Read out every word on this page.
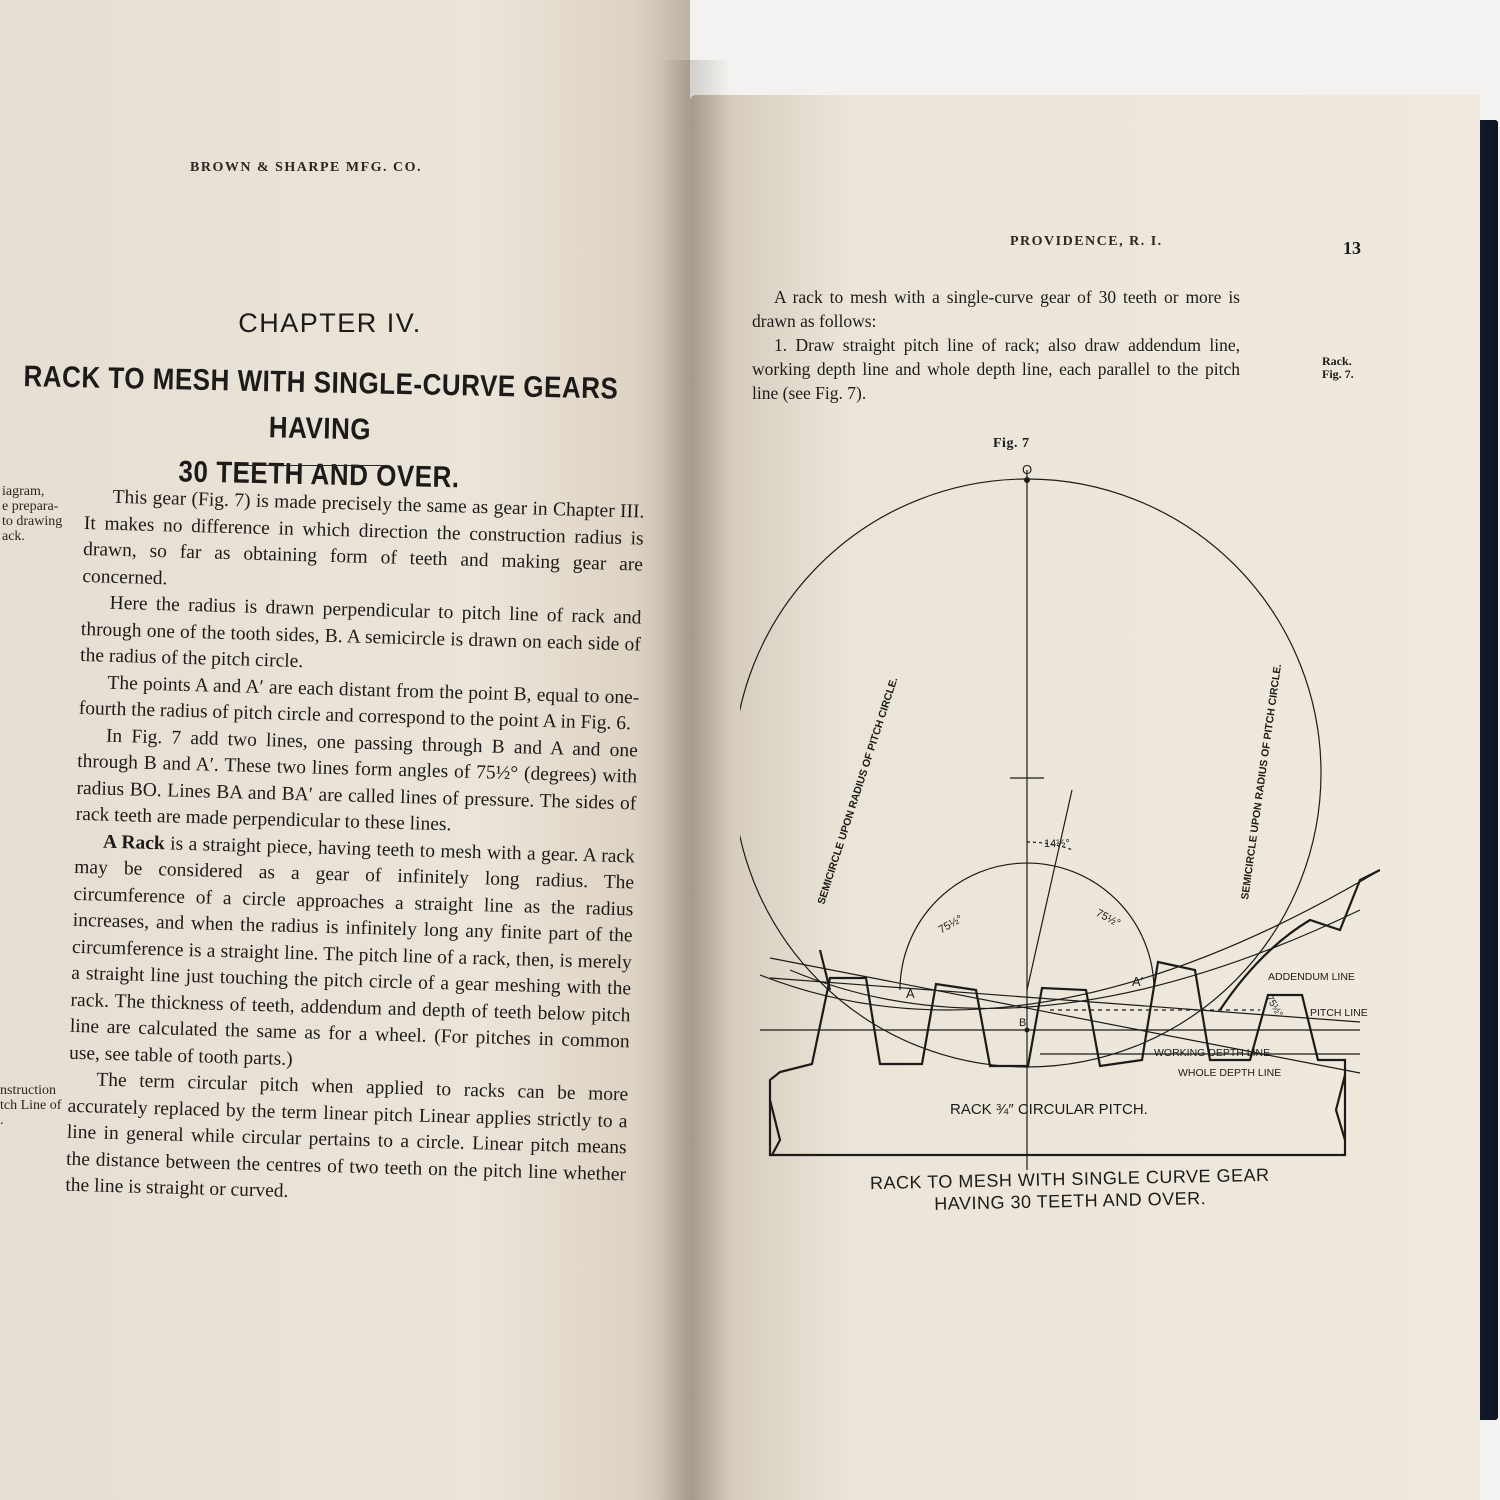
BROWN & SHARPE MFG. CO.
CHAPTER IV.
RACK TO MESH WITH SINGLE-CURVE GEARS HAVING
30 TEETH AND OVER.
iagram,
e prepara-
to drawing
ack.
nstruction
tch Line of
.

This gear (Fig. 7) is made precisely the same as gear in Chapter III. It makes no difference in which direction the construction radius is drawn, so far as obtaining form of teeth and making gear are concerned.

Here the radius is drawn perpendicular to pitch line of rack and through one of the tooth sides, B. A semicircle is drawn on each side of the radius of the pitch circle.

The points A and A′ are each distant from the point B, equal to one-fourth the radius of pitch circle and correspond to the point A in Fig. 6.

In Fig. 7 add two lines, one passing through B and A and one through B and A′. These two lines form angles of 75½° (degrees) with radius BO. Lines BA and BA′ are called lines of pressure. The sides of rack teeth are made perpendicular to these lines.

A Rack is a straight piece, having teeth to mesh with a gear. A rack may be considered as a gear of infinitely long radius. The circumference of a circle approaches a straight line as the radius increases, and when the radius is infinitely long any finite part of the circumference is a straight line. The pitch line of a rack, then, is merely a straight line just touching the pitch circle of a gear meshing with the rack. The thickness of teeth, addendum and depth of teeth below pitch line are calculated the same as for a wheel. (For pitches in common use, see table of tooth parts.)

The term circular pitch when applied to racks can be more accurately replaced by the term linear pitch Linear applies strictly to a line in general while circular pertains to a circle. Linear pitch means the distance between the centres of two teeth on the pitch line whether the line is straight or curved.

PROVIDENCE, R. I.	13

A rack to mesh with a single-curve gear of 30 teeth or more is drawn as follows:

1. Draw straight pitch line of rack; also draw addendum line, working depth line and whole depth line, each parallel to the pitch line (see Fig. 7).

Rack.
Fig. 7.
Fig. 7
O
A
A′
B
14½°
75½°	75½°
75½°
SEMICIRCLE UPON RADIUS OF PITCH CIRCLE.	SEMICIRCLE UPON RADIUS OF PITCH CIRCLE.
ADDENDUM LINE
PITCH LINE
WORKING DEPTH LINE
WHOLE DEPTH LINE
RACK ¾″ CIRCULAR PITCH.
RACK TO MESH WITH SINGLE CURVE GEAR
HAVING 30 TEETH AND OVER.
